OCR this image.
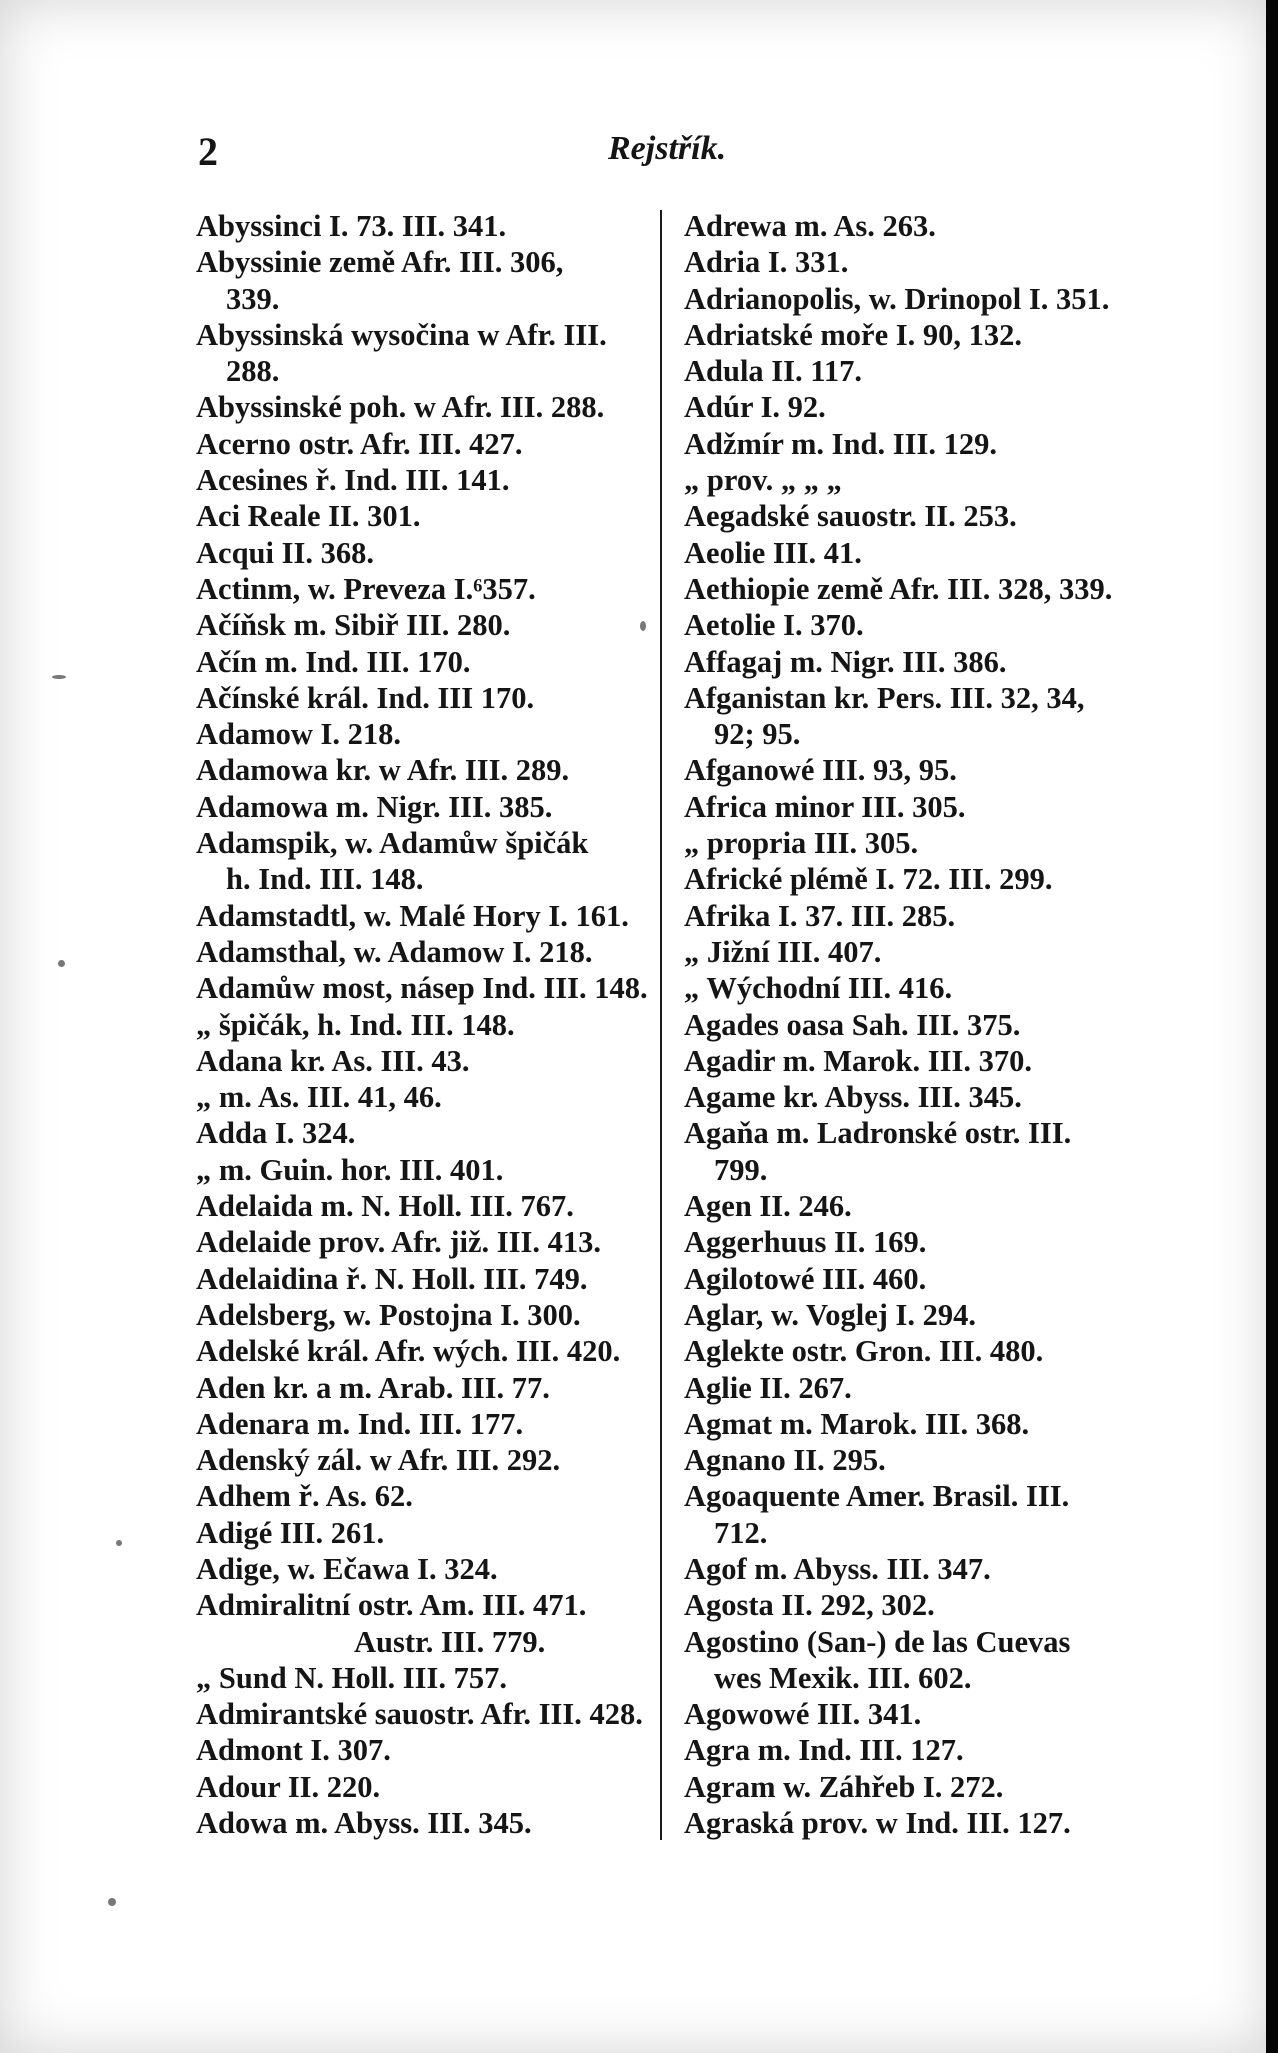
2	Rejstřík.
Abyssinci I. 73. III. 341.
Abyssinie země Afr. III. 306,
339.
Abyssinská wysočina w Afr. III.
288.
Abyssinské poh. w Afr. III. 288.
Acerno ostr. Afr. III. 427.
Acesines ř. Ind. III. 141.
Aci Reale II. 301.
Acqui II. 368.
Actinm, w. Preveza I.⁶357.
Ačíňsk m. Sibiř III. 280.
Ačín m. Ind. III. 170.
Ačínské král. Ind. III 170.
Adamow I. 218.
Adamowa kr. w Afr. III. 289.
Adamowa m. Nigr. III. 385.
Adamspik, w. Adamůw špičák
h. Ind. III. 148.
Adamstadtl, w. Malé Hory I. 161.
Adamsthal, w. Adamow I. 218.
Adamůw most, násep Ind. III. 148.
„ špičák, h. Ind. III. 148.
Adana kr. As. III. 43.
„ m. As. III. 41, 46.
Adda I. 324.
„ m. Guin. hor. III. 401.
Adelaida m. N. Holl. III. 767.
Adelaide prov. Afr. již. III. 413.
Adelaidina ř. N. Holl. III. 749.
Adelsberg, w. Postojna I. 300.
Adelské král. Afr. wých. III. 420.
Aden kr. a m. Arab. III. 77.
Adenara m. Ind. III. 177.
Adenský zál. w Afr. III. 292.
Adhem ř. As. 62.
Adigé III. 261.
Adige, w. Ečawa I. 324.
Admiralitní ostr. Am. III. 471.
Austr. III. 779.
„ Sund N. Holl. III. 757.
Admirantské sauostr. Afr. III. 428.
Admont I. 307.
Adour II. 220.
Adowa m. Abyss. III. 345.
Adrewa m. As. 263.
Adria I. 331.
Adrianopolis, w. Drinopol I. 351.
Adriatské moře I. 90, 132.
Adula II. 117.
Adúr I. 92.
Adžmír m. Ind. III. 129.
„ prov. „ „ „
Aegadské sauostr. II. 253.
Aeolie III. 41.
Aethiopie země Afr. III. 328, 339.
Aetolie I. 370.
Affagaj m. Nigr. III. 386.
Afganistan kr. Pers. III. 32, 34,
92; 95.
Afganowé III. 93, 95.
Africa minor III. 305.
„ propria III. 305.
Africké plémě I. 72. III. 299.
Afrika I. 37. III. 285.
„ Jižní III. 407.
„ Wýchodní III. 416.
Agades oasa Sah. III. 375.
Agadir m. Marok. III. 370.
Agame kr. Abyss. III. 345.
Agaňa m. Ladronské ostr. III.
799.
Agen II. 246.
Aggerhuus II. 169.
Agilotowé III. 460.
Aglar, w. Voglej I. 294.
Aglekte ostr. Gron. III. 480.
Aglie II. 267.
Agmat m. Marok. III. 368.
Agnano II. 295.
Agoaquente Amer. Brasil. III.
712.
Agof m. Abyss. III. 347.
Agosta II. 292, 302.
Agostino (San-) de las Cuevas
wes Mexik. III. 602.
Agowowé III. 341.
Agra m. Ind. III. 127.
Agram w. Záhřeb I. 272.
Agraská prov. w Ind. III. 127.
